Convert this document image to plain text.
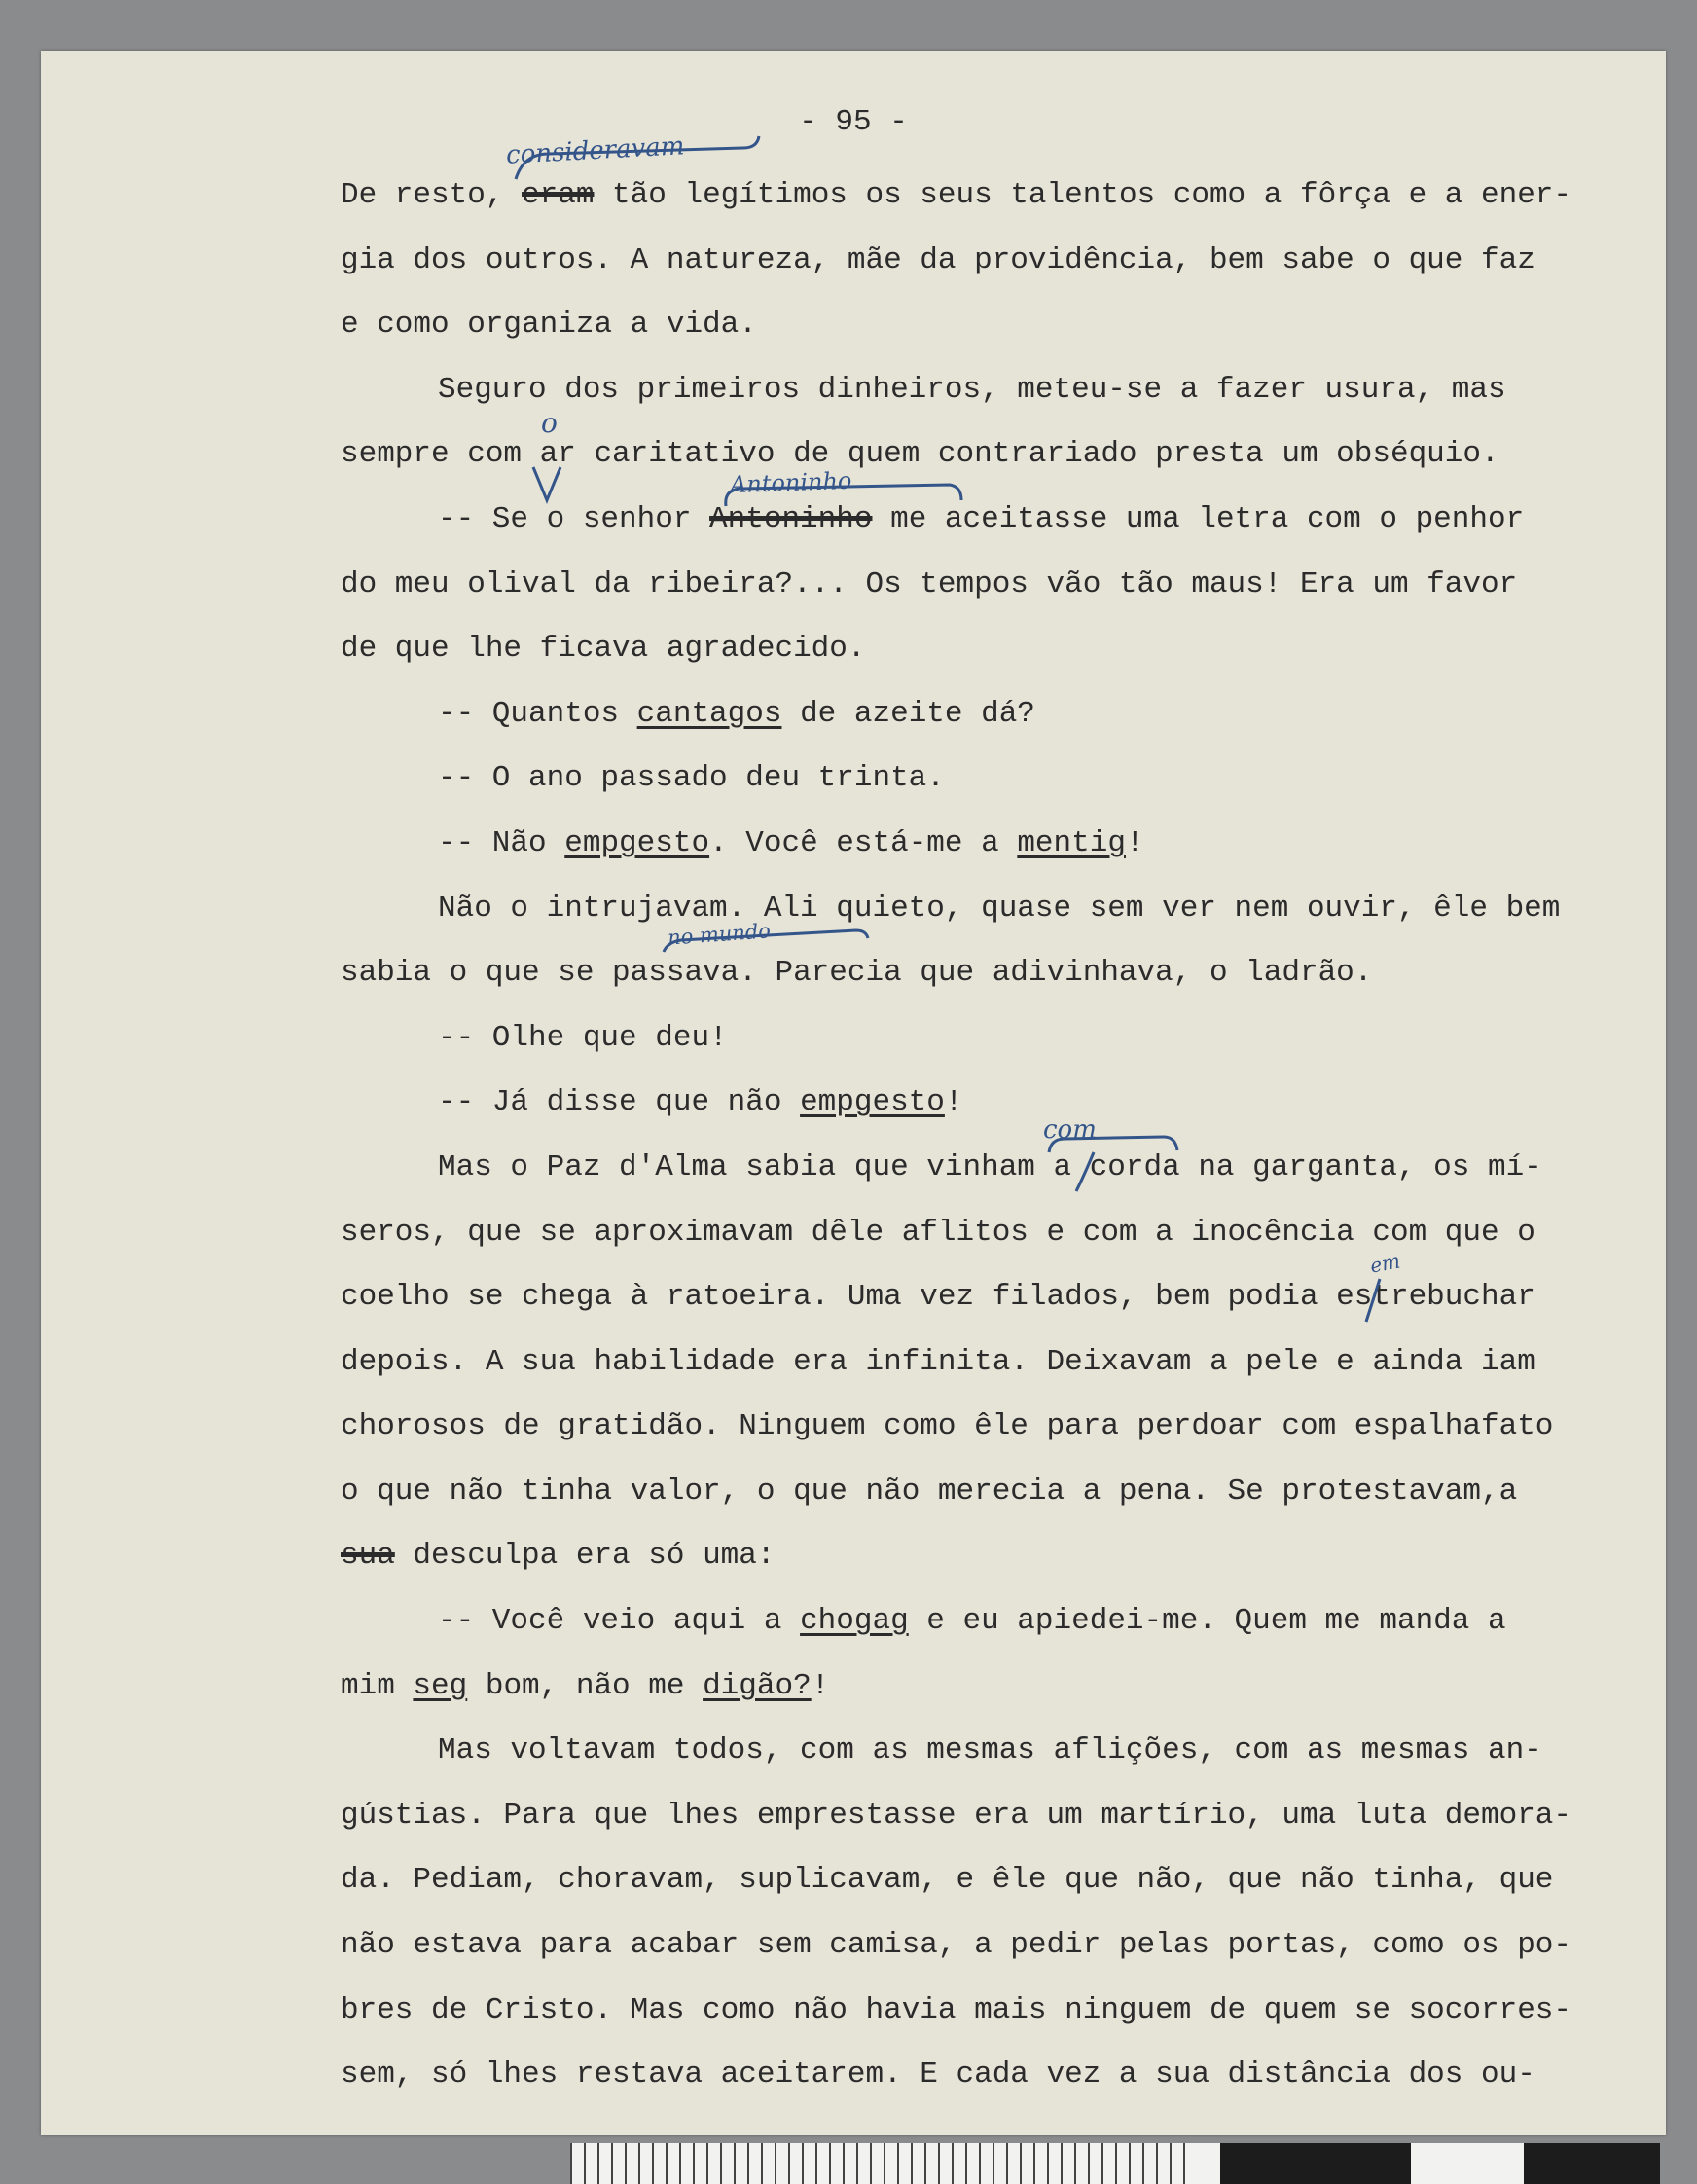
- 95 -
De resto, eram tão legítimos os seus talentos como a fôrça e a ener-
gia dos outros. A natureza, mãe da providência, bem sabe o que faz
e como organiza a vida.
Seguro dos primeiros dinheiros, meteu-se a fazer usura, mas
sempre com ar caritativo de quem contrariado presta um obséquio.
-- Se o senhor Antoninho me aceitasse uma letra com o penhor
do meu olival da ribeira?... Os tempos vão tão maus! Era um favor
de que lhe ficava agradecido.
-- Quantos cantagos de azeite dá?
-- O ano passado deu trinta.
-- Não empgesto. Você está-me a mentig!
Não o intrujavam. Ali quieto, quase sem ver nem ouvir, êle bem
sabia o que se passava. Parecia que adivinhava, o ladrão.
-- Olhe que deu!
-- Já disse que não empgesto!
Mas o Paz d'Alma sabia que vinham a corda na garganta, os mí-
seros, que se aproximavam dêle aflitos e com a inocência com que o
coelho se chega à ratoeira. Uma vez filados, bem podia estrebuchar
depois. A sua habilidade era infinita. Deixavam a pele e ainda iam
chorosos de gratidão. Ninguem como êle para perdoar com espalhafato
o que não tinha valor, o que não merecia a pena. Se protestavam,a
sua desculpa era só uma:
-- Você veio aqui a chogag e eu apiedei-me. Quem me manda a
mim seg bom, não me digão?!
Mas voltavam todos, com as mesmas aflições, com as mesmas an-
gústias. Para que lhes emprestasse era um martírio, uma luta demora-
da. Pediam, choravam, suplicavam, e êle que não, que não tinha, que
não estava para acabar sem camisa, a pedir pelas portas, como os po-
bres de Cristo. Mas como não havia mais ninguem de quem se socorres-
sem, só lhes restava aceitarem. E cada vez a sua distância dos ou-
consideravam
o
Antoninho
no mundo
com
em
